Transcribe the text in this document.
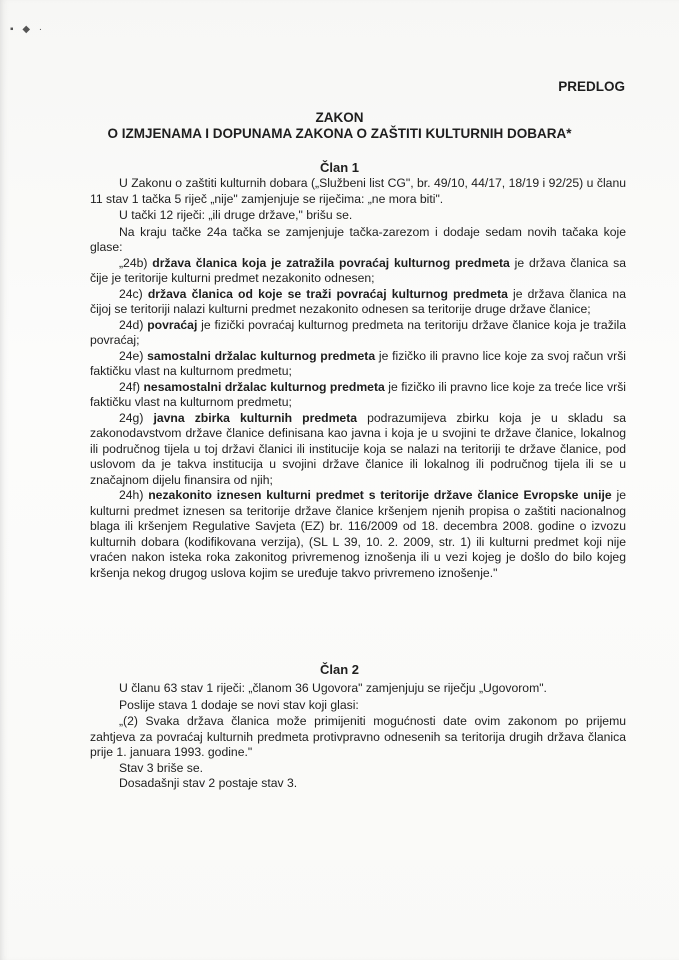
▪ ◆ ·
PREDLOG
ZAKON
O IZMJENAMA I DOPUNAMA ZAKONA O ZAŠTITI KULTURNIH DOBARA*
Član 1

U Zakonu o zaštiti kulturnih dobara („Službeni list CG", br. 49/10, 44/17, 18/19 i 92/25) u članu 11 stav 1 tačka 5 riječ „nije" zamjenjuje se riječima: „ne mora biti".

U tački 12 riječi: „ili druge države," brišu se.

Na kraju tačke 24a tačka se zamjenjuje tačka-zarezom i dodaje sedam novih tačaka koje glase:

„24b) država članica koja je zatražila povraćaj kulturnog predmeta je država članica sa čije je teritorije kulturni predmet nezakonito odnesen;

24c) država članica od koje se traži povraćaj kulturnog predmeta je država članica na čijoj se teritoriji nalazi kulturni predmet nezakonito odnesen sa teritorije druge države članice;

24d) povraćaj je fizički povraćaj kulturnog predmeta na teritoriju države članice koja je tražila povraćaj;

24e) samostalni držalac kulturnog predmeta je fizičko ili pravno lice koje za svoj račun vrši faktičku vlast na kulturnom predmetu;

24f) nesamostalni držalac kulturnog predmeta je fizičko ili pravno lice koje za treće lice vrši faktičku vlast na kulturnom predmetu;

24g) javna zbirka kulturnih predmeta podrazumijeva zbirku koja je u skladu sa zakonodavstvom države članice definisana kao javna i koja je u svojini te države članice, lokalnog ili područnog tijela u toj državi članici ili institucije koja se nalazi na teritoriji te države članice, pod uslovom da je takva institucija u svojini države članice ili lokalnog ili područnog tijela ili se u značajnom dijelu finansira od njih;

24h) nezakonito iznesen kulturni predmet s teritorije države članice Evropske unije je kulturni predmet iznesen sa teritorije države članice kršenjem njenih propisa o zaštiti nacionalnog blaga ili kršenjem Regulative Savjeta (EZ) br. 116/2009 od 18. decembra 2008. godine o izvozu kulturnih dobara (kodifikovana verzija), (SL L 39, 10. 2. 2009, str. 1) ili kulturni predmet koji nije vraćen nakon isteka roka zakonitog privremenog iznošenja ili u vezi kojeg je došlo do bilo kojeg kršenja nekog drugog uslova kojim se uređuje takvo privremeno iznošenje."

Član 2

U članu 63 stav 1 riječi: „članom 36 Ugovora" zamjenjuju se riječju „Ugovorom".

Poslije stava 1 dodaje se novi stav koji glasi:

„(2) Svaka država članica može primijeniti mogućnosti date ovim zakonom po prijemu zahtjeva za povraćaj kulturnih predmeta protivpravno odnesenih sa teritorija drugih država članica prije 1. januara 1993. godine."

Stav 3 briše se.

Dosadašnji stav 2 postaje stav 3.
